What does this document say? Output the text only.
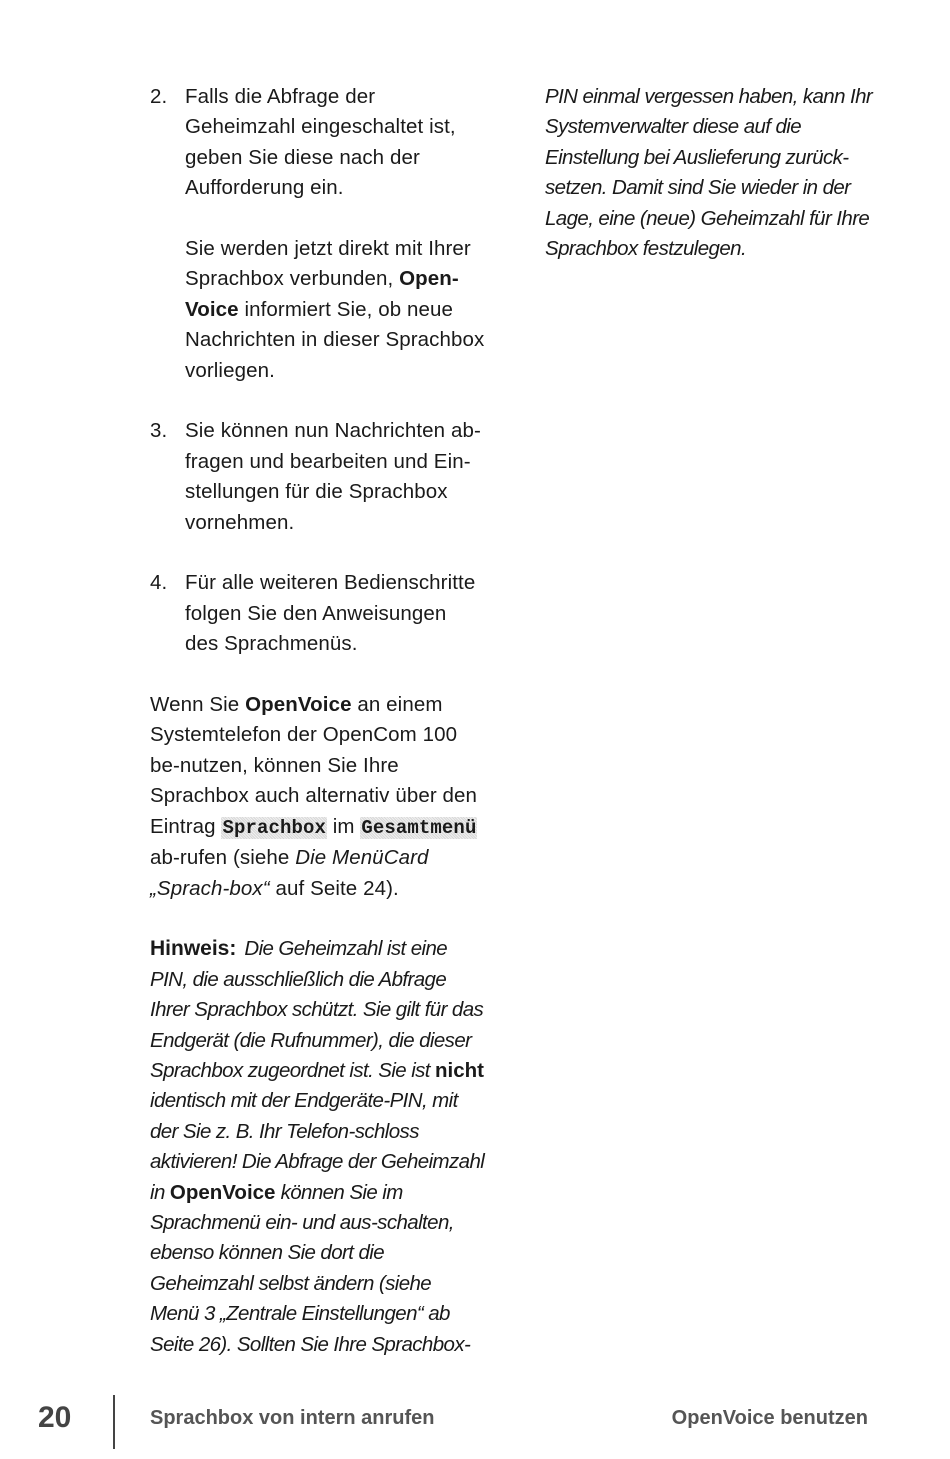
2. Falls die Abfrage der Geheimzahl eingeschaltet ist, geben Sie diese nach der Aufforderung ein.

Sie werden jetzt direkt mit Ihrer Sprachbox verbunden, Open-Voice informiert Sie, ob neue Nachrichten in dieser Sprachbox vorliegen.

3. Sie können nun Nachrichten ab-fragen und bearbeiten und Ein-stellungen für die Sprachbox vornehmen.

4. Für alle weiteren Bedienschritte folgen Sie den Anweisungen des Sprachmenüs.

Wenn Sie OpenVoice an einem Systemtelefon der OpenCom 100 be-nutzen, können Sie Ihre Sprachbox auch alternativ über den Eintrag Sprachbox im Gesamtmenü ab-rufen (siehe Die MenüCard „Sprach-box“ auf Seite 24).

Hinweis: Die Geheimzahl ist eine PIN, die ausschließlich die Abfrage Ihrer Sprachbox schützt. Sie gilt für das Endgerät (die Rufnummer), die dieser Sprachbox zugeordnet ist. Sie ist nicht identisch mit der Endgeräte-PIN, mit der Sie z. B. Ihr Telefon-schloss aktivieren! Die Abfrage der Geheimzahl in OpenVoice können Sie im Sprachmenü ein- und aus-schalten, ebenso können Sie dort die Geheimzahl selbst ändern (siehe Menü 3 „Zentrale Einstellungen“ ab Seite 26). Sollten Sie Ihre Sprachbox-

PIN einmal vergessen haben, kann Ihr Systemverwalter diese auf die Einstellung bei Auslieferung zurück-setzen. Damit sind Sie wieder in der Lage, eine (neue) Geheimzahl für Ihre Sprachbox festzulegen.

20	Sprachbox von intern anrufen	OpenVoice benutzen
